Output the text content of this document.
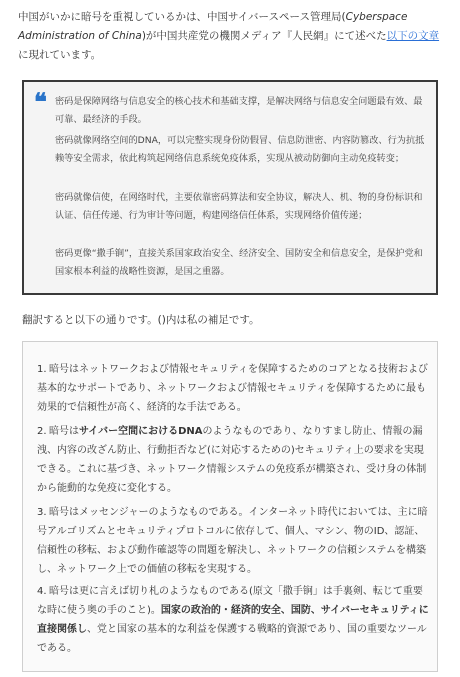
中国がいかに暗号を重視しているかは、中国サイバースペース管理局(Cyberspace Administration of China)が中国共産党の機関メディア『人民網』にて述べた以下の文章に現れています。
❝ 密码是保障网络与信息安全的核心技术和基础支撑，是解决网络与信息安全问题最有效、最可靠、最经济的手段。

密码就像网络空间的DNA，可以完整实现身份防假冒、信息防泄密、内容防篡改、行为抗抵赖等安全需求，依此构筑起网络信息系统免疫体系，实现从被动防御向主动免疫转变；

密码就像信使，在网络时代，主要依靠密码算法和安全协议，解决人、机、物的身份标识和认证、信任传递、行为审计等问题，构建网络信任体系，实现网络价值传递；

密码更像“撒手锏”，直接关系国家政治安全、经济安全、国防安全和信息安全，是保护党和国家根本利益的战略性资源，是国之重器。

翻訳すると以下の通りです。()内は私の補足です。

1. 暗号はネットワークおよび情報セキュリティを保障するためのコアとなる技術および基本的なサポートであり、ネットワークおよび情報セキュリティを保障するために最も効果的で信頼性が高く、経済的な手法である。

2. 暗号はサイバー空間におけるDNAのようなものであり、なりすまし防止、情報の漏洩、内容の改ざん防止、行動拒否など(に対応するための)セキュリティ上の要求を実現できる。これに基づき、ネットワーク情報システムの免疫系が構築され、受け身の体制から能動的な免疫に変化する。

3. 暗号はメッセンジャーのようなものである。インターネット時代においては、主に暗号アルゴリズムとセキュリティプロトコルに依存して、個人、マシン、物のID、認証、信頼性の移転、および動作確認等の問題を解決し、ネットワークの信頼システムを構築し、ネットワーク上での価値の移転を実現する。

4. 暗号は更に言えば切り札のようなものである(原文「撒手锏」は手裏剣、転じて重要な時に使う奥の手のこと)。国家の政治的・経済的安全、国防、サイバーセキュリティに直接関係し、党と国家の基本的な利益を保護する戦略的資源であり、国の重要なツールである。
